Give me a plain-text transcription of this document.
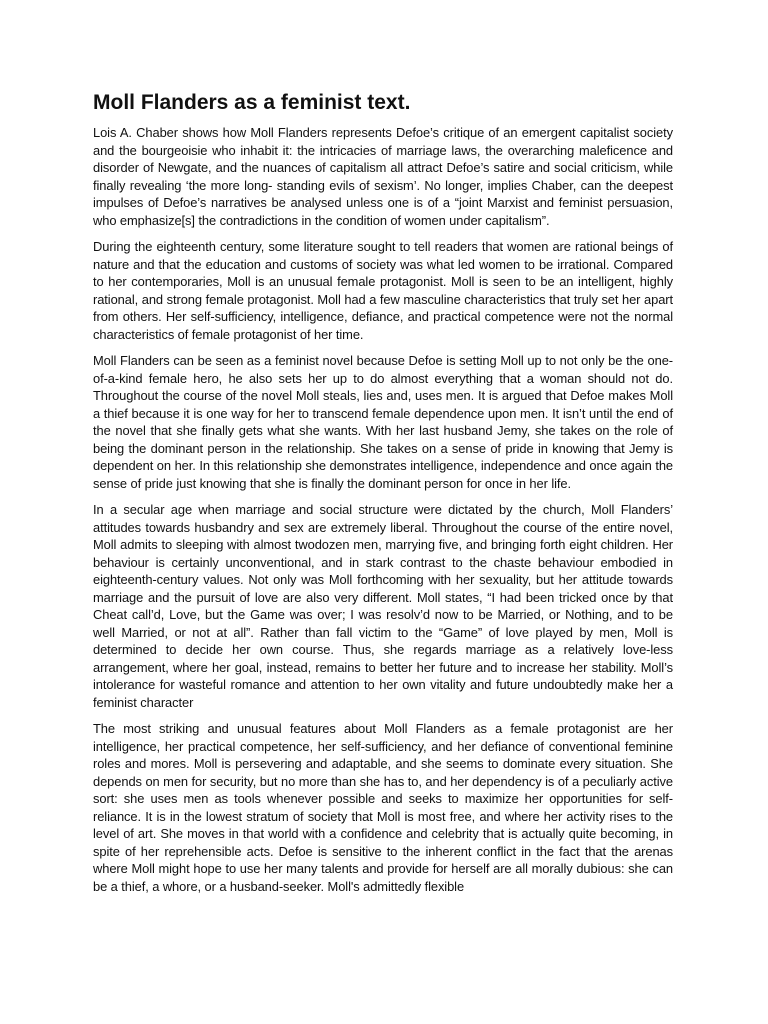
Moll Flanders as a feminist text.

Lois A. Chaber shows how Moll Flanders represents Defoe’s critique of an emergent capitalist society and the bourgeoisie who inhabit it: the intricacies of marriage laws, the overarching maleficence and disorder of Newgate, and the nuances of capitalism all attract Defoe’s satire and social criticism, while finally revealing ‘the more long- standing evils of sexism’. No longer, implies Chaber, can the deepest impulses of Defoe’s narratives be analysed unless one is of a “joint Marxist and feminist persuasion, who emphasize[s] the contradictions in the condition of women under capitalism”.

During the eighteenth century, some literature sought to tell readers that women are rational beings of nature and that the education and customs of society was what led women to be irrational. Compared to her contemporaries, Moll is an unusual female protagonist. Moll is seen to be an intelligent, highly rational, and strong female protagonist. Moll had a few masculine characteristics that truly set her apart from others. Her self-sufficiency, intelligence, defiance, and practical competence were not the normal characteristics of female protagonist of her time.

Moll Flanders can be seen as a feminist novel because Defoe is setting Moll up to not only be the one-of-a-kind female hero, he also sets her up to do almost everything that a woman should not do. Throughout the course of the novel Moll steals, lies and, uses men. It is argued that Defoe makes Moll a thief because it is one way for her to transcend female dependence upon men. It isn’t until the end of the novel that she finally gets what she wants. With her last husband Jemy, she takes on the role of being the dominant person in the relationship. She takes on a sense of pride in knowing that Jemy is dependent on her. In this relationship she demonstrates intelligence, independence and once again the sense of pride just knowing that she is finally the dominant person for once in her life.

In a secular age when marriage and social structure were dictated by the church, Moll Flanders’ attitudes towards husbandry and sex are extremely liberal. Throughout the course of the entire novel, Moll admits to sleeping with almost twodozen men, marrying five, and bringing forth eight children. Her behaviour is certainly unconventional, and in stark contrast to the chaste behaviour embodied in eighteenth-century values. Not only was Moll forthcoming with her sexuality, but her attitude towards marriage and the pursuit of love are also very different. Moll states, “I had been tricked once by that Cheat call’d, Love, but the Game was over; I was resolv’d now to be Married, or Nothing, and to be well Married, or not at all”. Rather than fall victim to the “Game” of love played by men, Moll is determined to decide her own course. Thus, she regards marriage as a relatively love-less arrangement, where her goal, instead, remains to better her future and to increase her stability. Moll’s intolerance for wasteful romance and attention to her own vitality and future undoubtedly make her a feminist character

The most striking and unusual features about Moll Flanders as a female protagonist are her intelligence, her practical competence, her self-sufficiency, and her defiance of conventional feminine roles and mores. Moll is persevering and adaptable, and she seems to dominate every situation. She depends on men for security, but no more than she has to, and her dependency is of a peculiarly active sort: she uses men as tools whenever possible and seeks to maximize her opportunities for self-reliance. It is in the lowest stratum of society that Moll is most free, and where her activity rises to the level of art. She moves in that world with a confidence and celebrity that is actually quite becoming, in spite of her reprehensible acts. Defoe is sensitive to the inherent conflict in the fact that the arenas where Moll might hope to use her many talents and provide for herself are all morally dubious: she can be a thief, a whore, or a husband-seeker. Moll's admittedly flexible
